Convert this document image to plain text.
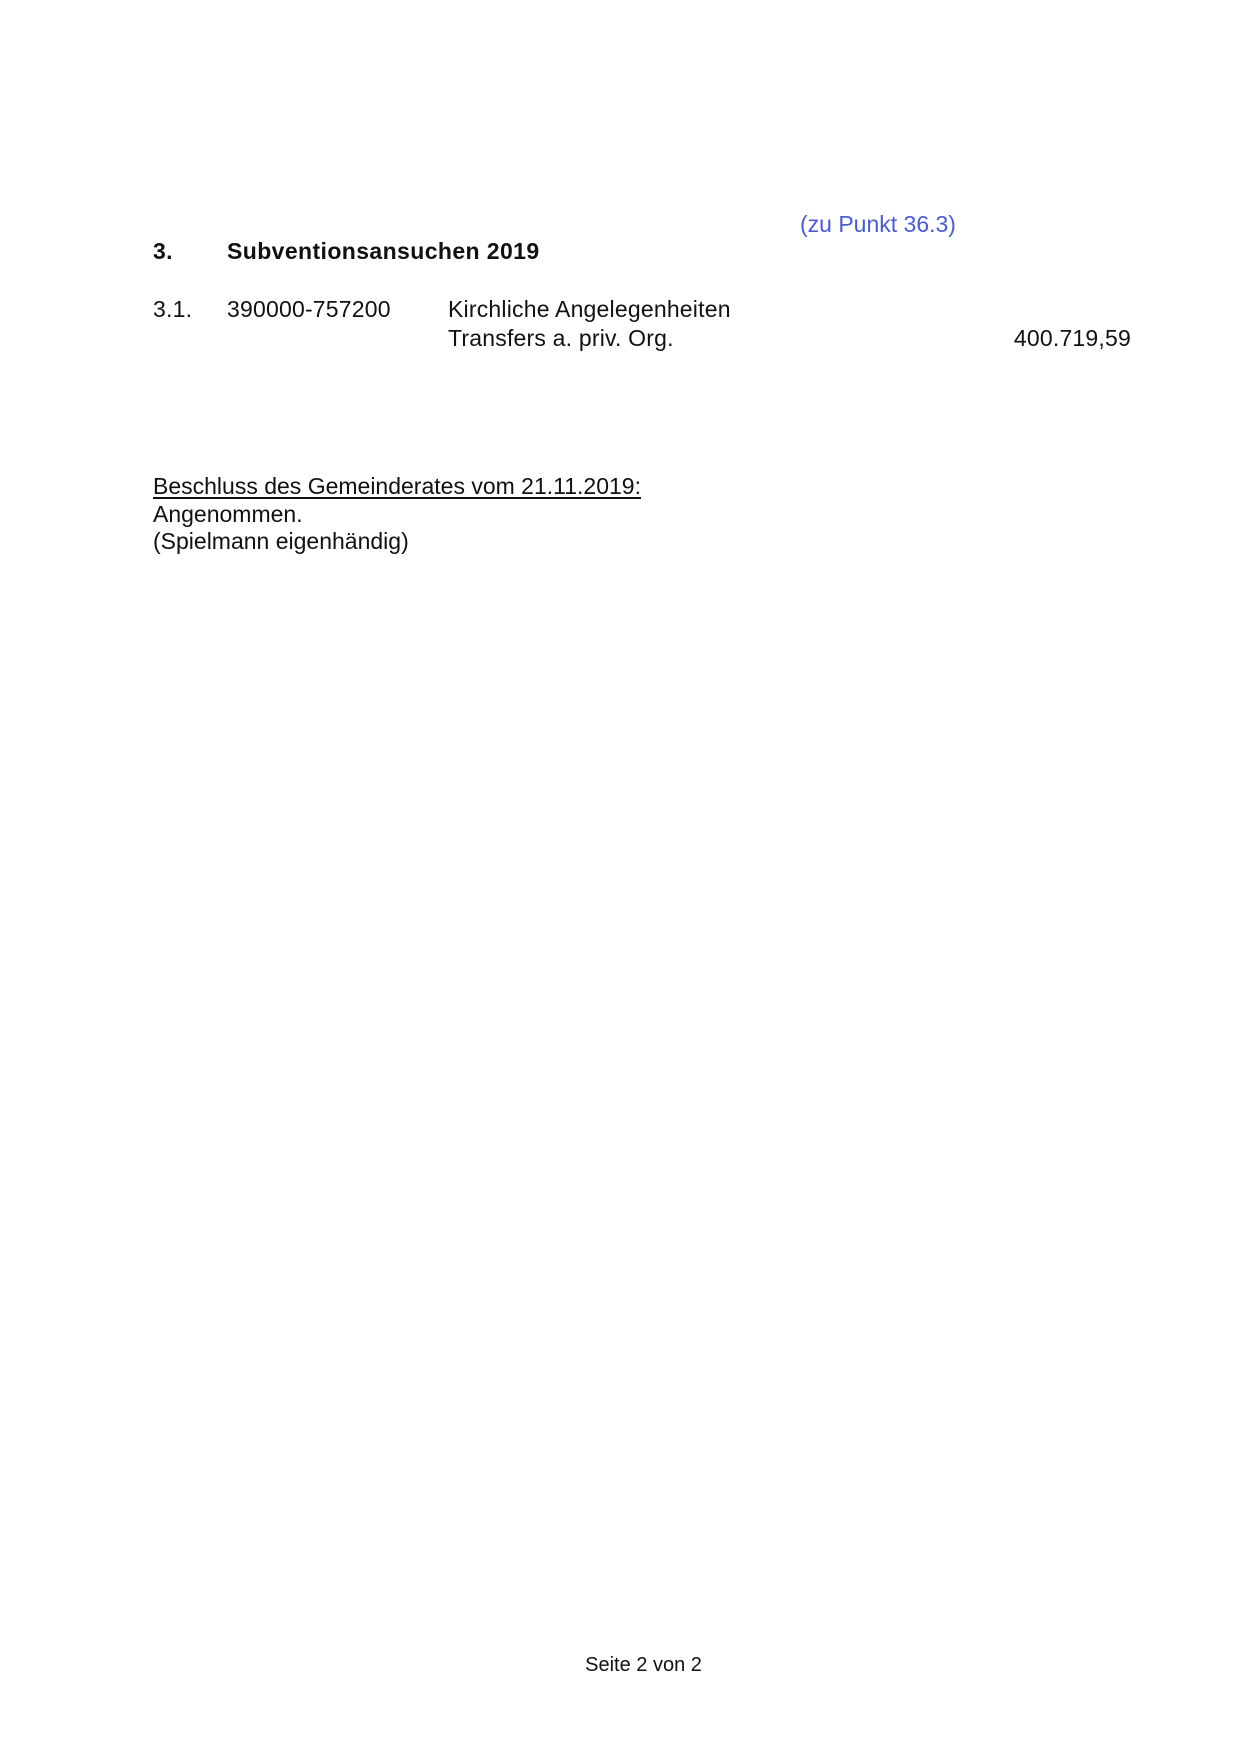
(zu Punkt 36.3)
3. Subventionsansuchen 2019
3.1. 390000-757200 Kirchliche Angelegenheiten
Transfers a. priv. Org.	400.719,59
Beschluss des Gemeinderates vom 21.11.2019:
Angenommen.
(Spielmann eigenhändig)
Seite 2 von 2
